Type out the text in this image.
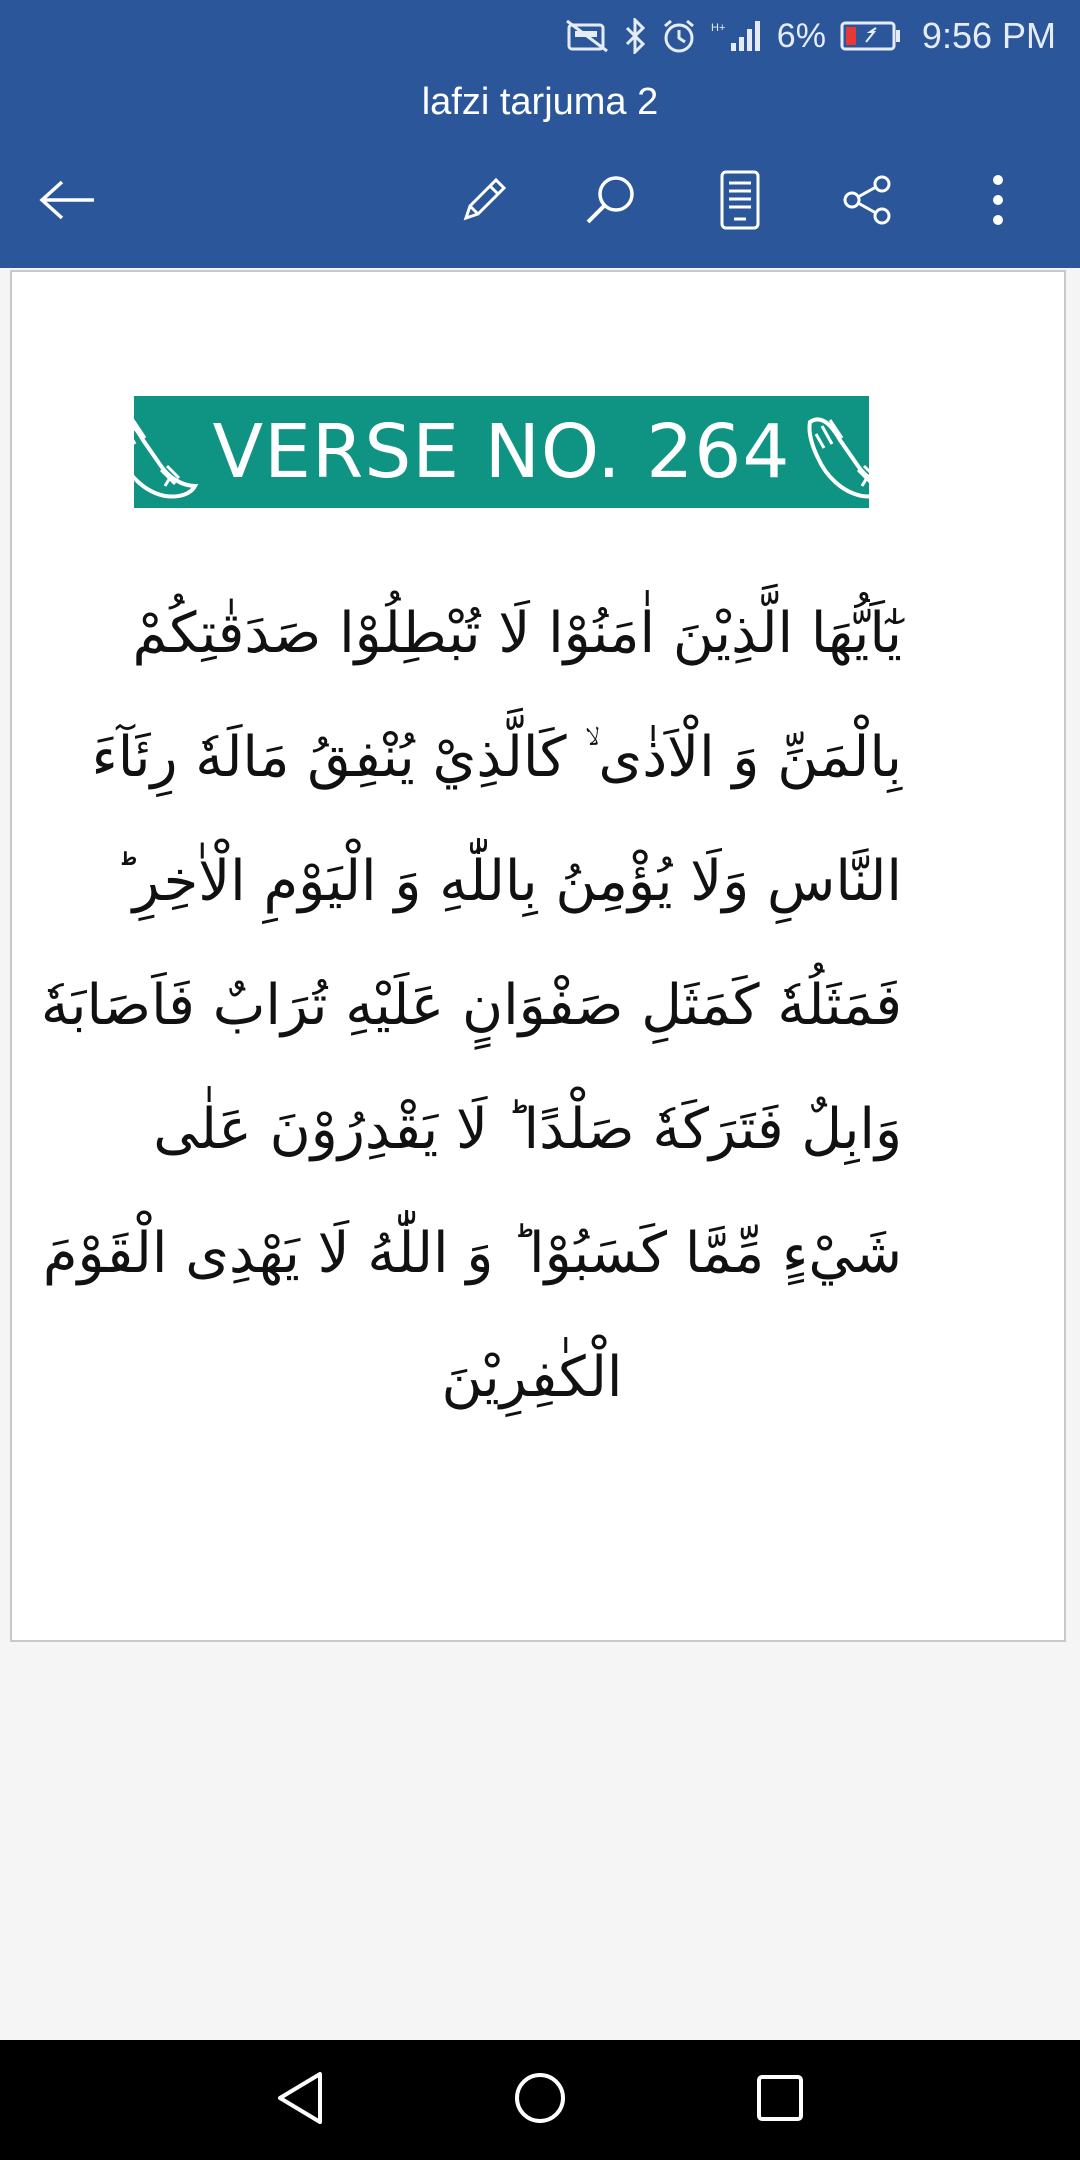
H+ 6%	9:56 PM
lafzi tarjuma 2
VERSE NO. 264
يٰٓاَيُّهَا الَّذِيْنَ اٰمَنُوْا لَا تُبْطِلُوْا صَدَقٰتِكُمْ
بِالْمَنِّ وَ الْاَذٰى ۙ كَالَّذِيْ يُنْفِقُ مَالَهٗ رِئَآءَ
النَّاسِ وَلَا يُؤْمِنُ بِاللّٰهِ وَ الْيَوْمِ الْاٰخِرِ ؕ
فَمَثَلُهٗ كَمَثَلِ صَفْوَانٍ عَلَيْهِ تُرَابٌ فَاَصَابَهٗ
وَابِلٌ فَتَرَكَهٗ صَلْدًا ؕ لَا يَقْدِرُوْنَ عَلٰى
شَيْءٍ مِّمَّا كَسَبُوْا ؕ وَ اللّٰهُ لَا يَهْدِى الْقَوْمَ
الْكٰفِرِيْنَ
